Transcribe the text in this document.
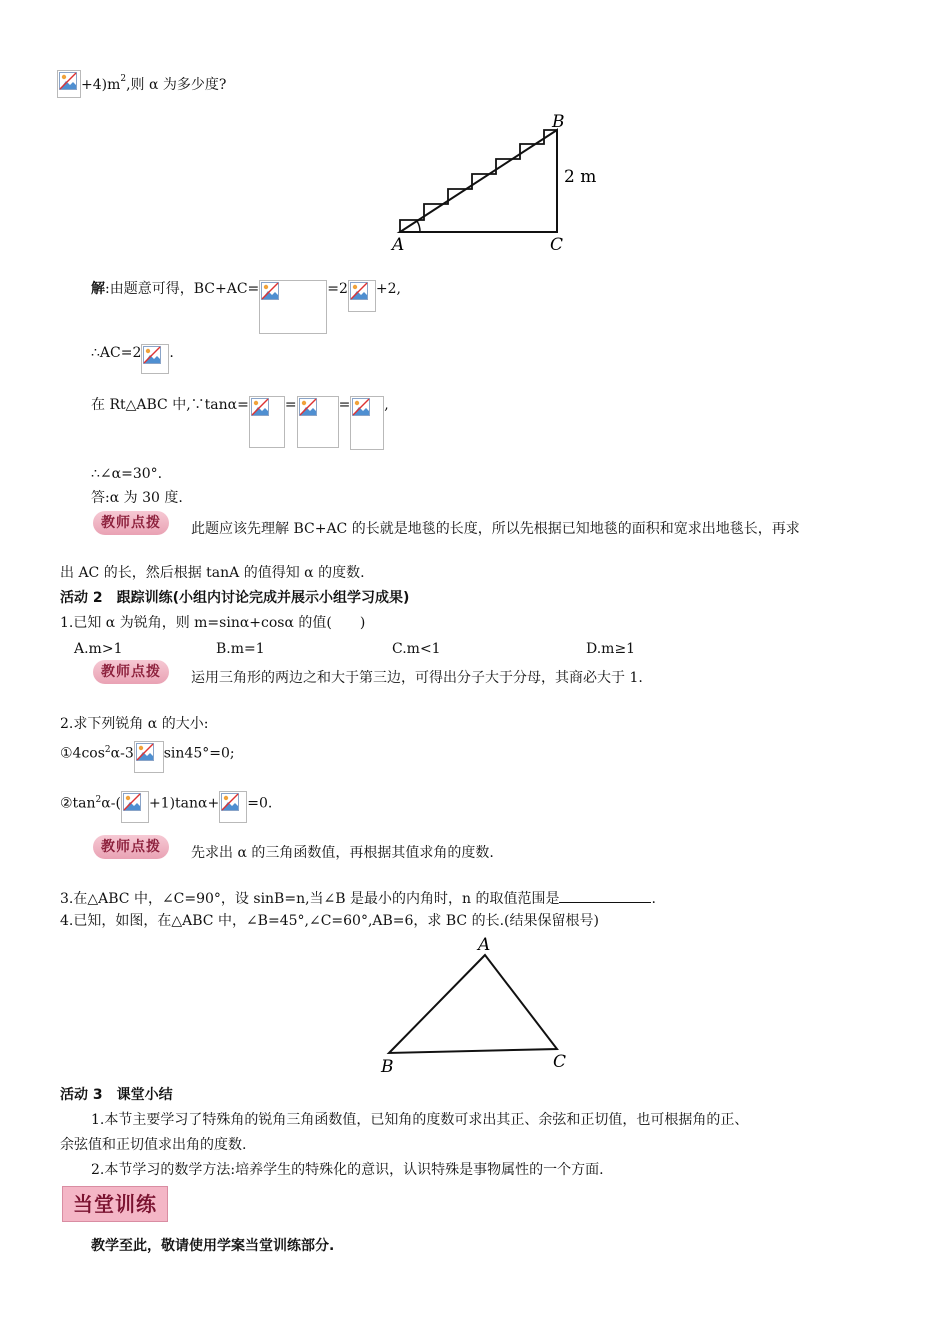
$+4)m^2$,则 α 为多少度?
A
B
C
2 m
解:由题意可得，BC+AC=	=2 +2,
∴AC=2 .
在 Rt△ABC 中,∵tanα=	=	= ,
∴∠α=30°.
答:α 为 30 度.
教师点拨	此题应该先理解 BC+AC 的长就是地毯的长度，所以先根据已知地毯的面积和宽求出地毯长，再求
出 AC 的长，然后根据 tanA 的值得知 α 的度数.
活动 2　跟踪训练(小组内讨论完成并展示小组学习成果)
1.已知 α 为锐角，则 m=sinα+cosα 的值(　　)
A.m>1	B.m=1	C.m<1	D.m≥1
教师点拨	运用三角形的两边之和大于第三边，可得出分子大于分母，其商必大于 1.
2.求下列锐角 α 的大小:
$①4\cos^2\alpha-3$ sin45°=0;
$②\tan^2\alpha-( +1)\tan\alpha+ =0$.
教师点拨	先求出 α 的三角函数值，再根据其值求角的度数.
3.在△ABC 中，∠C=90°，设 sinB=n,当∠B 是最小的内角时，n 的取值范围是	.
4.已知，如图，在△ABC 中，∠B=45°,∠C=60°,AB=6，求 BC 的长.(结果保留根号)
A
B	C
活动 3　课堂小结
1.本节主要学习了特殊角的锐角三角函数值，已知角的度数可求出其正、余弦和正切值，也可根据角的正、
余弦值和正切值求出角的度数.
2.本节学习的数学方法:培养学生的特殊化的意识，认识特殊是事物属性的一个方面.
当堂训练
教学至此，敬请使用学案当堂训练部分.
